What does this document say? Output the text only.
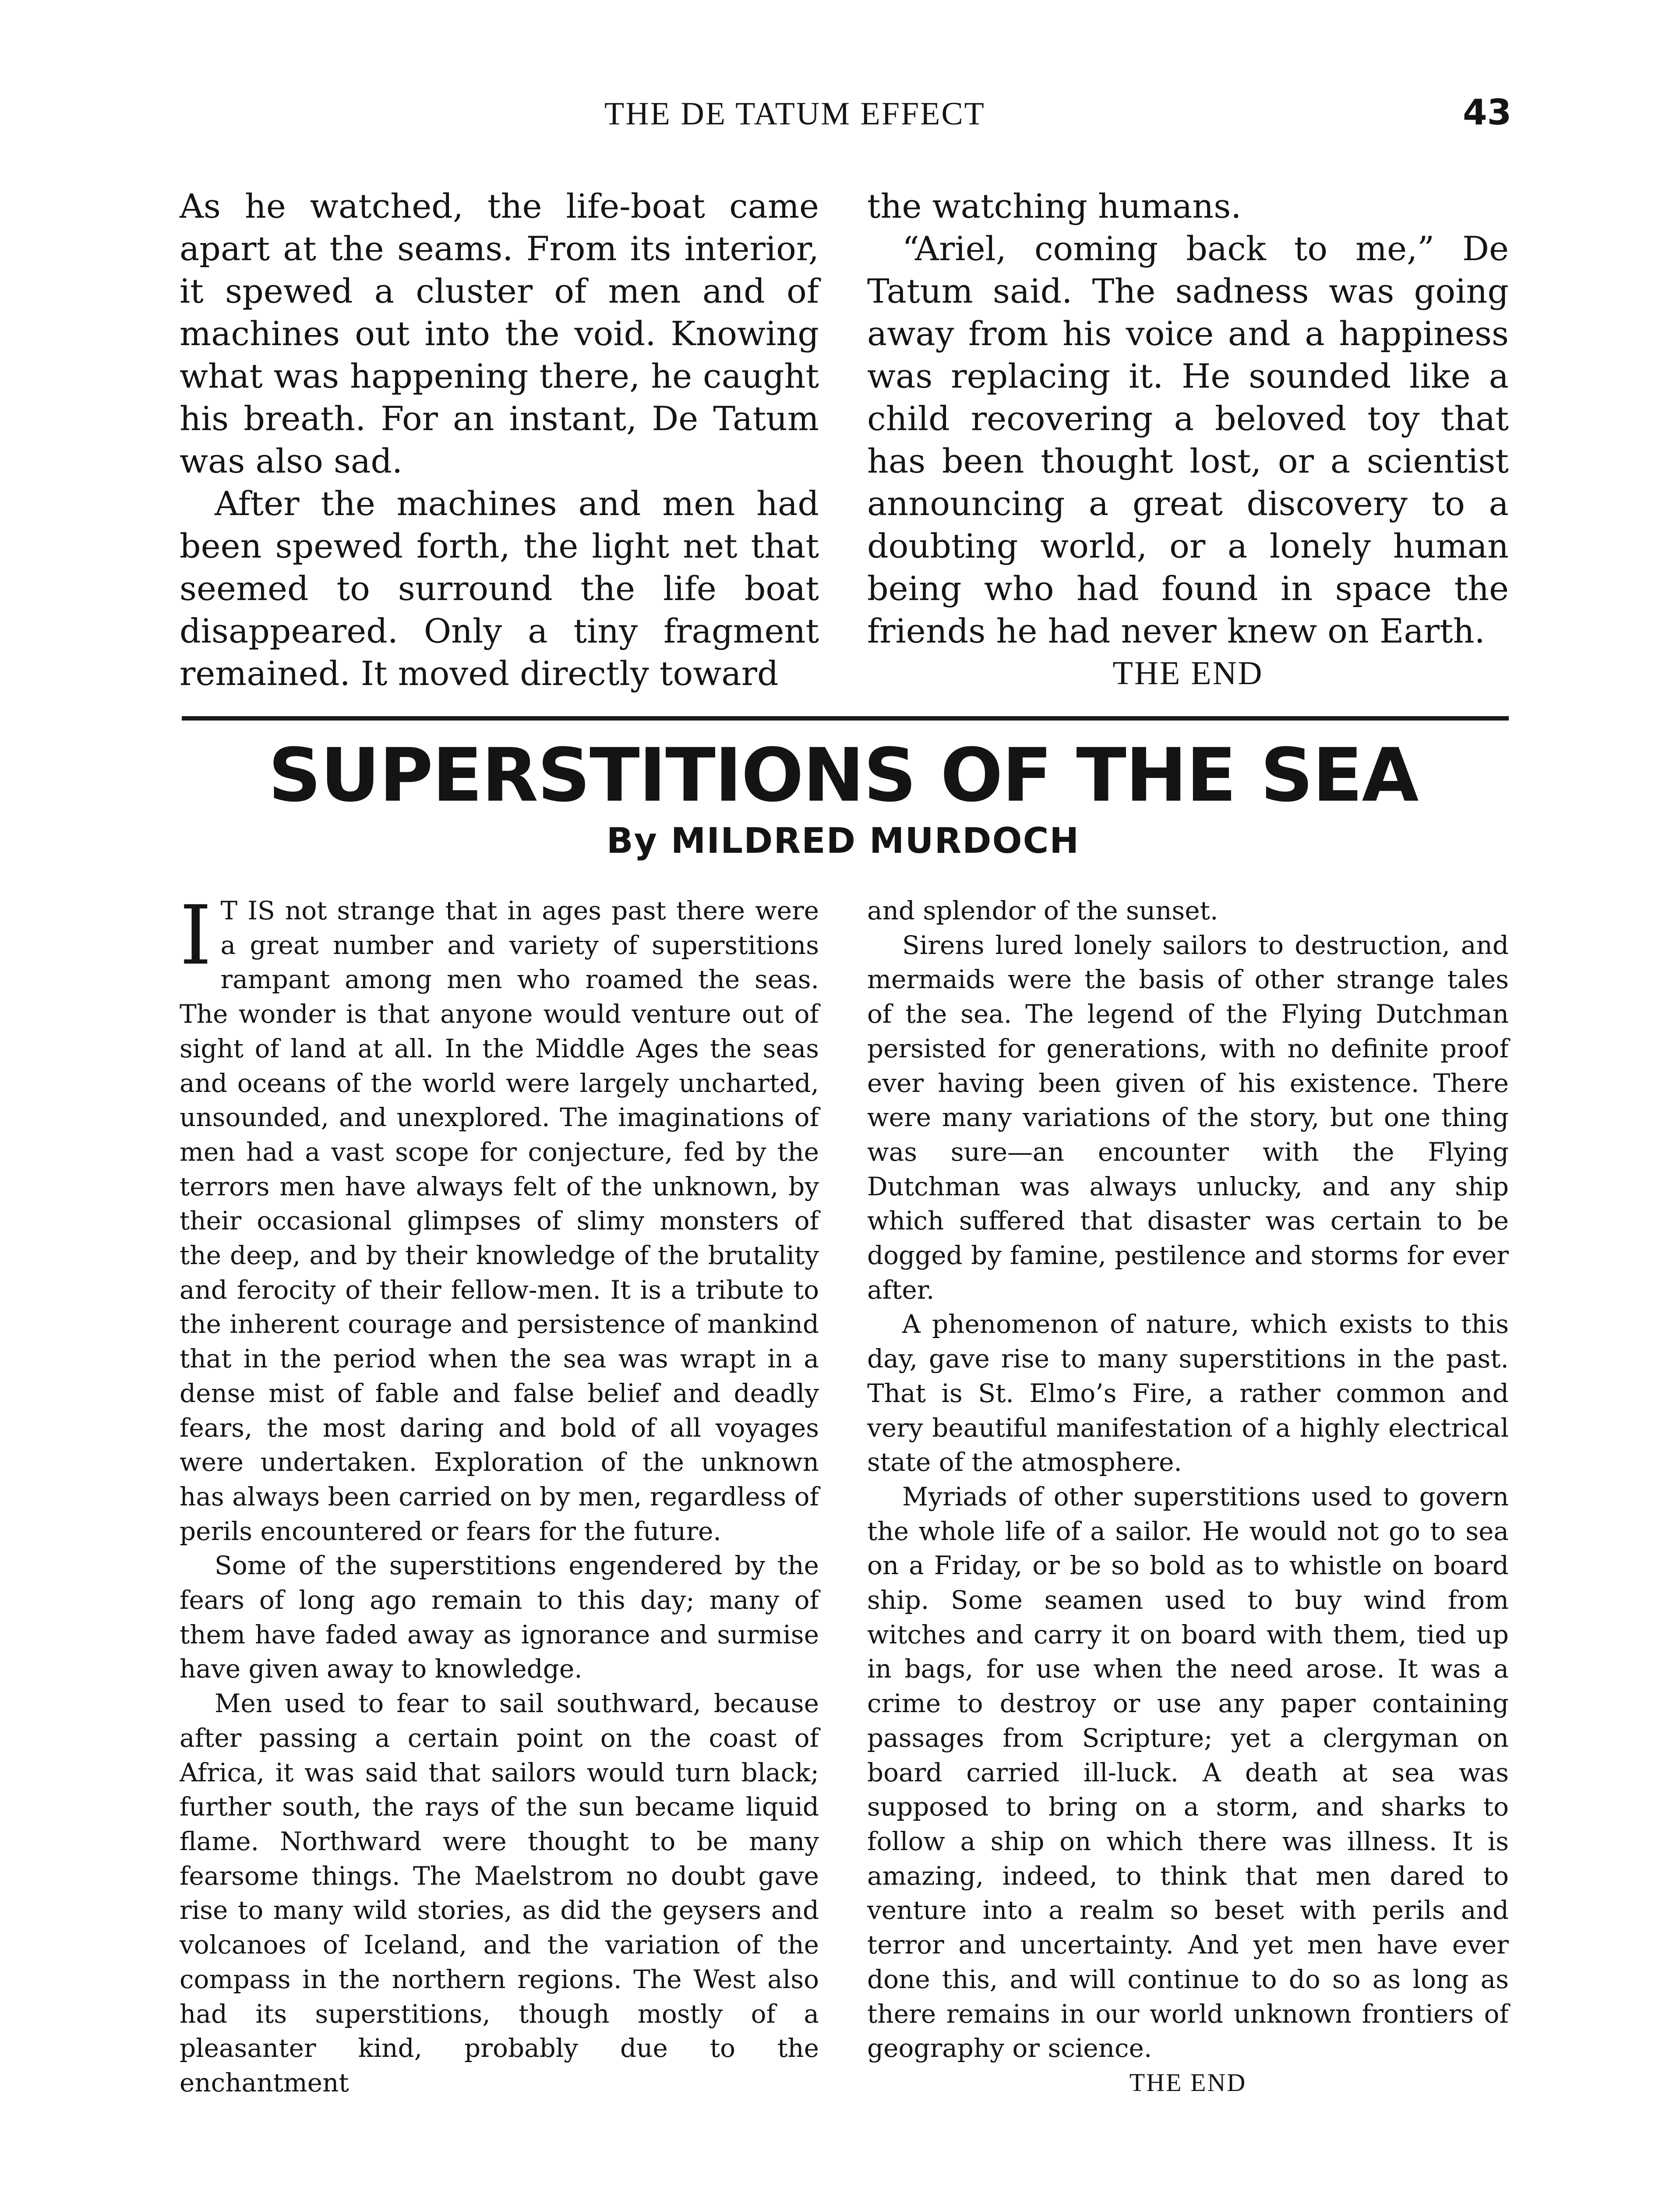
THE DE TATUM EFFECT	43

As he watched, the life-boat came apart at the seams. From its interior, it spewed a cluster of men and of machines out into the void. Knowing what was happening there, he caught his breath. For an instant, De Tatum was also sad.

After the machines and men had been spewed forth, the light net that seemed to surround the life boat disappeared. Only a tiny fragment remained. It moved directly toward

the watching humans.

“Ariel, coming back to me,” De Tatum said. The sadness was going away from his voice and a happiness was replacing it. He sounded like a child recovering a beloved toy that has been thought lost, or a scientist announcing a great discovery to a doubting world, or a lonely human being who had found in space the friends he had never knew on Earth.

THE END

SUPERSTITIONS OF THE SEA
By MILDRED MURDOCH

I T IS not strange that in ages past there were a great number and variety of superstitions rampant among men who roamed the seas. The wonder is that anyone would venture out of sight of land at all. In the Middle Ages the seas and oceans of the world were largely uncharted, unsounded, and unexplored. The imaginations of men had a vast scope for conjecture, fed by the terrors men have always felt of the unknown, by their occasional glimpses of slimy monsters of the deep, and by their knowledge of the brutality and ferocity of their fellow-men. It is a tribute to the inherent courage and persistence of mankind that in the period when the sea was wrapt in a dense mist of fable and false belief and deadly fears, the most daring and bold of all voyages were undertaken. Exploration of the unknown has always been carried on by men, regardless of perils encountered or fears for the future.

Some of the superstitions engendered by the fears of long ago remain to this day; many of them have faded away as ignorance and surmise have given away to knowledge.

Men used to fear to sail southward, because after passing a certain point on the coast of Africa, it was said that sailors would turn black; further south, the rays of the sun became liquid flame. Northward were thought to be many fearsome things. The Maelstrom no doubt gave rise to many wild stories, as did the geysers and volcanoes of Iceland, and the variation of the compass in the northern regions. The West also had its superstitions, though mostly of a pleasanter kind, probably due to the enchantment

and splendor of the sunset.

Sirens lured lonely sailors to destruction, and mermaids were the basis of other strange tales of the sea. The legend of the Flying Dutchman persisted for generations, with no definite proof ever having been given of his existence. There were many variations of the story, but one thing was sure—an encounter with the Flying Dutchman was always unlucky, and any ship which suffered that disaster was certain to be dogged by famine, pestilence and storms for ever after.

A phenomenon of nature, which exists to this day, gave rise to many superstitions in the past. That is St. Elmo’s Fire, a rather common and very beautiful manifestation of a highly electrical state of the atmosphere.

Myriads of other superstitions used to govern the whole life of a sailor. He would not go to sea on a Friday, or be so bold as to whistle on board ship. Some seamen used to buy wind from witches and carry it on board with them, tied up in bags, for use when the need arose. It was a crime to destroy or use any paper containing passages from Scripture; yet a clergyman on board carried ill-luck. A death at sea was supposed to bring on a storm, and sharks to follow a ship on which there was illness. It is amazing, indeed, to think that men dared to venture into a realm so beset with perils and terror and uncertainty. And yet men have ever done this, and will continue to do so as long as there remains in our world unknown frontiers of geography or science.

THE END
